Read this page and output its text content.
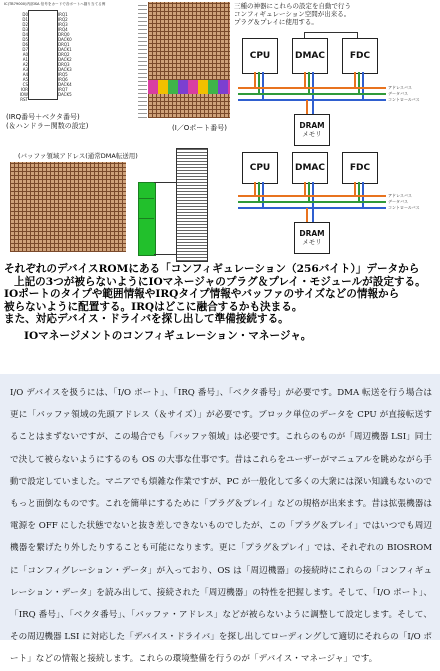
IC(TB79000)内部ISA 信号をカードで各ポートへ割り当てる例
D0
D1
D2
D3
D4
D5
D6
D7
A0
A1
A2
A3
A4
A5
CS
IOR
IOW
RST
IRQ1
IRQ2
IRQ3
IRQ4
DRQ0
DACK0
DRQ1
DACK1
DRQ2
DACK2
DRQ3
DACK3
IRQ5
IRQ6
DACK4
IRQ7
DACK5
(IRQ番号＋ベクタ番号)
(＆ハンドラー関数の設定)	(I／Oポート番号)
三種の神器にこれらの設定を自動で行う
コンフィギュレーション空間が出来る。
プラグ＆プレイに使用する。
CPU	DMAC	FDC
アドレスバス
データバス
コントロールバス
DRAM
メモリ
(バッファ領域アドレス(通常DMA転送用)
CPU	DMAC	FDC
アドレスバス
データバス
コントロールバス
DRAM
メモリ
それぞれのデバイスROMにある「コンフィギュレーション（256バイト）」データから
上記の3つが被らないようにIOマネージャのプラグ＆プレイ・モジュールが設定する。
IOポートのタイプや範囲情報やIRQタイプ情報やバッファのサイズなどの情報から
被らないように配置する。IRQはどこに融合するかも決まる。
また、対応デバイス・ドライバを探し出して準備接続する。
IOマネージメントのコンフィギュレーション・マネージャ。
I/O デバイスを扱うには、「I/O ポート」、「IRQ 番号」、「ベクタ番号」が必要です。DMA 転送を行う場合は更に「バッファ領域の先頭アドレス（＆サイズ）」が必要です。ブロック単位のデータを CPU が直接転送することはまずないですが、この場合でも「バッファ領域」は必要です。これらのものが「周辺機器 LSI」同士で決して被らないようにするのも OS の大事な仕事です。昔はこれらをユーザーがマニュアルを眺めながら手動で設定していました。マニアでも煩雑な作業ですが、PC が一般化して多くの大衆には深い知識もないのでもっと面倒なものです。これを簡単にするために「プラグ＆プレイ」などの規格が出来ます。昔は拡張機器は電源を OFF にした状態でないと抜き差しできないものでしたが、この「プラグ＆プレイ」ではいつでも周辺機器を繋げたり外したりすることも可能になります。更に「プラグ＆プレイ」では、それぞれの BIOSROM に「コンフィグレーション・データ」が入っており、OS は「周辺機器」の接続時にこれらの「コンフィギュレーション・データ」を読み出して、接続された「周辺機器」の特性を把握します。そして、「I/O ポート」、「IRQ 番号」、「ベクタ番号」、「バッファ・アドレス」などが被らないように調整して設定します。そして、その周辺機器 LSI に対応した「デバイス・ドライバ」を探し出してローディングして適切にそれらの「I/O ポート」などの情報と接続します。これらの環境整備を行うのが「デバイス・マネージャ」です。
